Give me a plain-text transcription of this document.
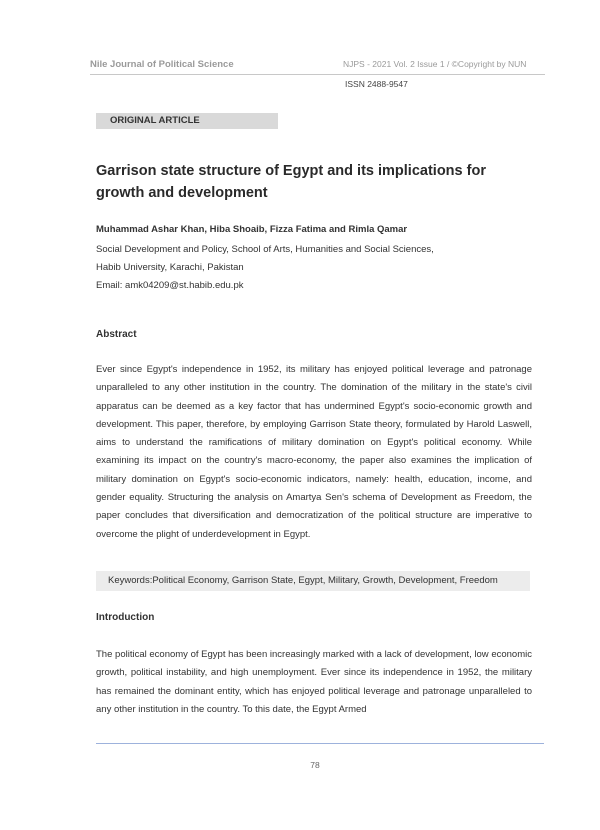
Nile Journal of Political Science	NJPS - 2021 Vol. 2 Issue 1 / ©Copyright by NUN
ISSN 2488-9547
ORIGINAL ARTICLE
Garrison state structure of Egypt and its implications for growth and development
Muhammad Ashar Khan, Hiba Shoaib, Fizza Fatima and Rimla Qamar
Social Development and Policy, School of Arts, Humanities and Social Sciences,
Habib University, Karachi, Pakistan
Email: amk04209@st.habib.edu.pk
Abstract
Ever since Egypt's independence in 1952, its military has enjoyed political leverage and patronage unparalleled to any other institution in the country. The domination of the military in the state's civil apparatus can be deemed as a key factor that has undermined Egypt's socio-economic growth and development. This paper, therefore, by employing Garrison State theory, formulated by Harold Laswell, aims to understand the ramifications of military domination on Egypt's political economy. While examining its impact on the country's macro-economy, the paper also examines the implication of military domination on Egypt's socio-economic indicators, namely: health, education, income, and gender equality. Structuring the analysis on Amartya Sen's schema of Development as Freedom, the paper concludes that diversification and democratization of the political structure are imperative to overcome the plight of underdevelopment in Egypt.
Keywords:Political Economy, Garrison State, Egypt, Military, Growth, Development, Freedom
Introduction
The political economy of Egypt has been increasingly marked with a lack of development, low economic growth, political instability, and high unemployment. Ever since its independence in 1952, the military has remained the dominant entity, which has enjoyed political leverage and patronage unparalleled to any other institution in the country. To this date, the Egypt Armed
78
